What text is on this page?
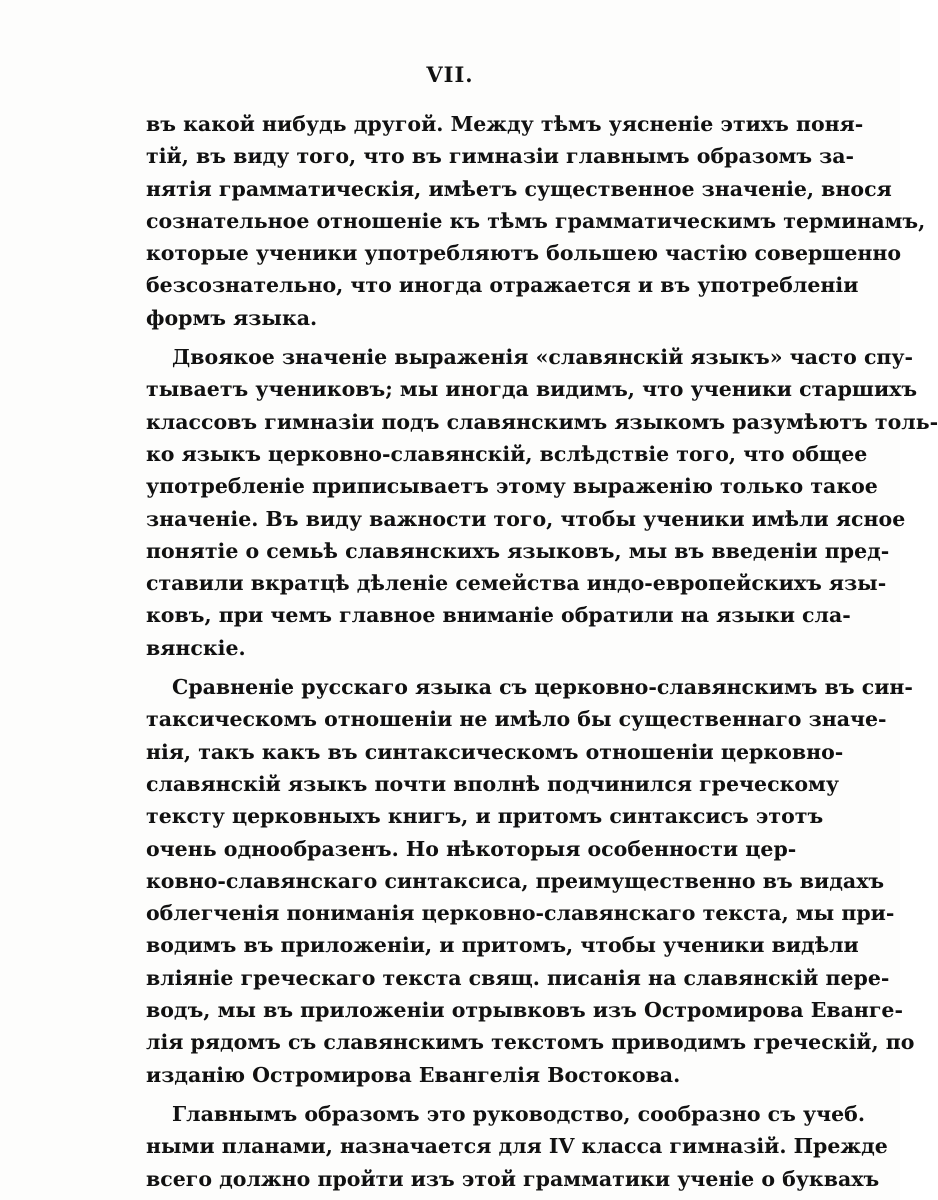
VII.
въ какой нибудь другой. Между тѣмъ уясненіе этихъ поня-
тій, въ виду того, что въ гимназіи главнымъ образомъ за-
нятія грамматическія, имѣетъ существенное значеніе, внося
сознательное отношеніе къ тѣмъ грамматическимъ терминамъ,
которые ученики употребляютъ большею частію совершенно
безсознательно, что иногда отражается и въ употребленіи
формъ языка.
Двоякое значеніе выраженія «славянскій языкъ» часто спу-
тываетъ учениковъ; мы иногда видимъ, что ученики старшихъ
классовъ гимназіи подъ славянскимъ языкомъ разумѣютъ толь-
ко языкъ церковно-славянскій, вслѣдствіе того, что общее
употребленіе приписываетъ этому выраженію только такое
значеніе. Въ виду важности того, чтобы ученики имѣли ясное
понятіе о семьѣ славянскихъ языковъ, мы въ введеніи пред-
ставили вкратцѣ дѣленіе семейства индо-европейскихъ язы-
ковъ, при чемъ главное вниманіе обратили на языки сла-
вянскіе.
Сравненіе русскаго языка съ церковно-славянскимъ въ син-
таксическомъ отношеніи не имѣло бы существеннаго значе-
нія, такъ какъ въ синтаксическомъ отношеніи церковно-
славянскій языкъ почти вполнѣ подчинился греческому
тексту церковныхъ книгъ, и притомъ синтаксисъ этотъ
очень однообразенъ. Но нѣкоторыя особенности цер-
ковно-славянскаго синтаксиса, преимущественно въ видахъ
облегченія пониманія церковно-славянскаго текста, мы при-
водимъ въ приложеніи, и притомъ, чтобы ученики видѣли
вліяніе греческаго текста свящ. писанія на славянскій пере-
водъ, мы въ приложеніи отрывковъ изъ Остромирова Еванге-
лія рядомъ съ славянскимъ текстомъ приводимъ греческій, по
изданію Остромирова Евангелія Востокова.
Главнымъ образомъ это руководство, сообразно съ учеб.
ными планами, назначается для IV класса гимназій. Прежде
всего должно пройти изъ этой грамматики ученіе о буквахъ
